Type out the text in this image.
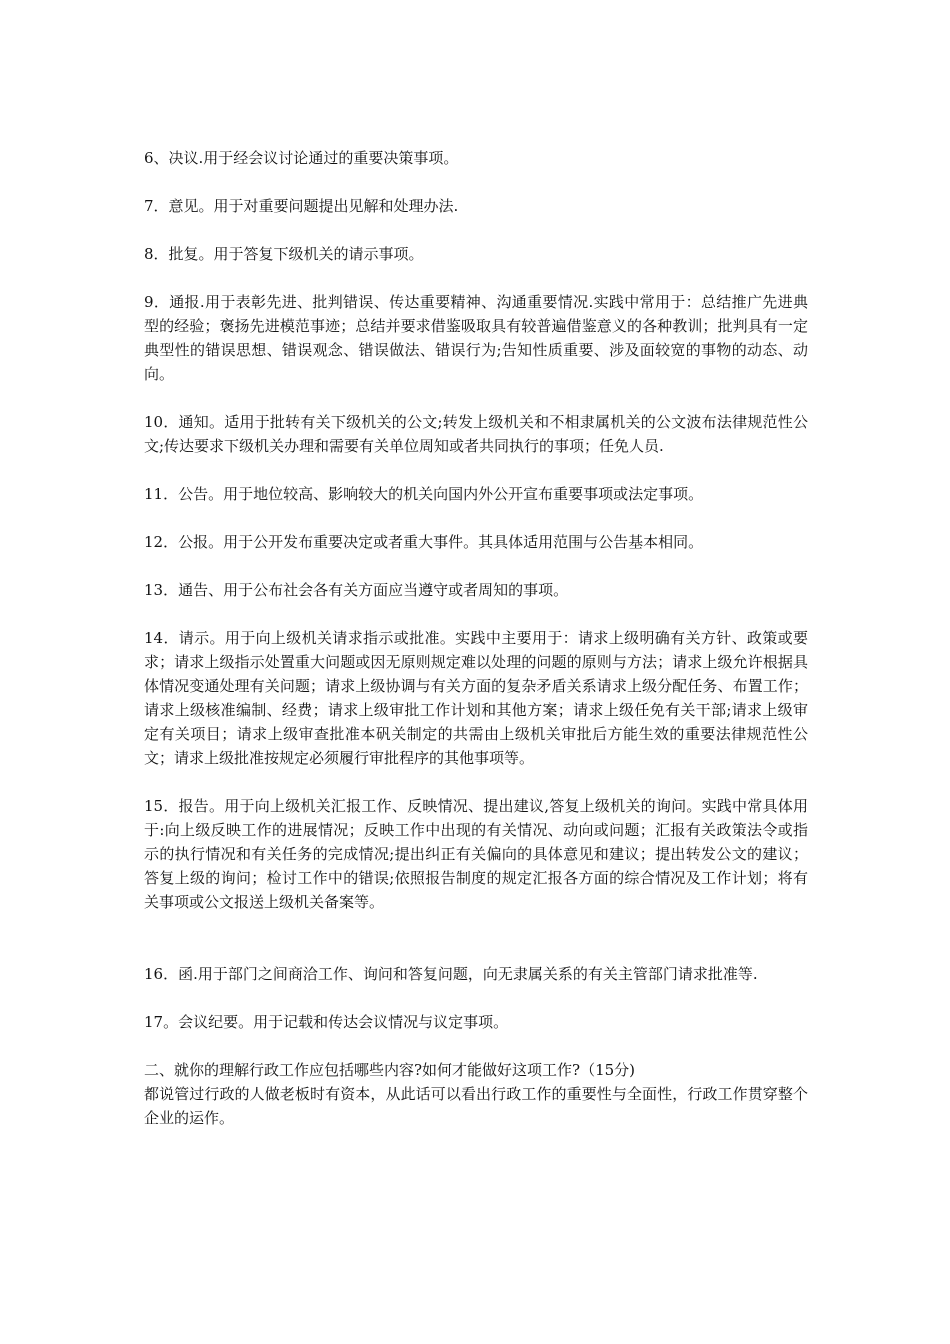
6、决议.用于经会议讨论通过的重要决策事项。

7．意见。用于对重要问题提出见解和处理办法.

8．批复。用于答复下级机关的请示事项。

9．通报.用于表彰先进、批判错误、传达重要精神、沟通重要情况.实践中常用于：总结推广先进典型的经验；褒扬先进模范事迹；总结并要求借鉴吸取具有较普遍借鉴意义的各种教训；批判具有一定典型性的错误思想、错误观念、错误做法、错误行为;告知性质重要、涉及面较宽的事物的动态、动向。

10．通知。适用于批转有关下级机关的公文;转发上级机关和不相隶属机关的公文波布法律规范性公文;传达要求下级机关办理和需要有关单位周知或者共同执行的事项；任免人员.

11．公告。用于地位较高、影响较大的机关向国内外公开宣布重要事项或法定事项。

12．公报。用于公开发布重要决定或者重大事件。其具体适用范围与公告基本相同。

13．通告、用于公布社会各有关方面应当遵守或者周知的事项。

14．请示。用于向上级机关请求指示或批准。实践中主要用于：请求上级明确有关方针、政策或要求；请求上级指示处置重大问题或因无原则规定难以处理的问题的原则与方法；请求上级允许根据具体情况变通处理有关问题；请求上级协调与有关方面的复杂矛盾关系请求上级分配任务、布置工作；请求上级核准编制、经费；请求上级审批工作计划和其他方案；请求上级任免有关干部;请求上级审定有关项目；请求上级审查批准本矾关制定的共需由上级机关审批后方能生效的重要法律规范性公文；请求上级批准按规定必须履行审批程序的其他事项等。

15．报告。用于向上级机关汇报工作、反映情况、提出建议,答复上级机关的询问。实践中常具体用于:向上级反映工作的进展情况；反映工作中出现的有关情况、动向或问题；汇报有关政策法令或指示的执行情况和有关任务的完成情况;提出纠正有关偏向的具体意见和建议；提出转发公文的建议；答复上级的询问；检讨工作中的错误;依照报告制度的规定汇报各方面的综合情况及工作计划；将有关事项或公文报送上级机关备案等。

16．函.用于部门之间商洽工作、询问和答复问题，向无隶属关系的有关主管部门请求批准等.

17。会议纪要。用于记载和传达会议情况与议定事项。

二、就你的理解行政工作应包括哪些内容?如何才能做好这项工作?（15分)

都说管过行政的人做老板时有资本，从此话可以看出行政工作的重要性与全面性，行政工作贯穿整个企业的运作。
